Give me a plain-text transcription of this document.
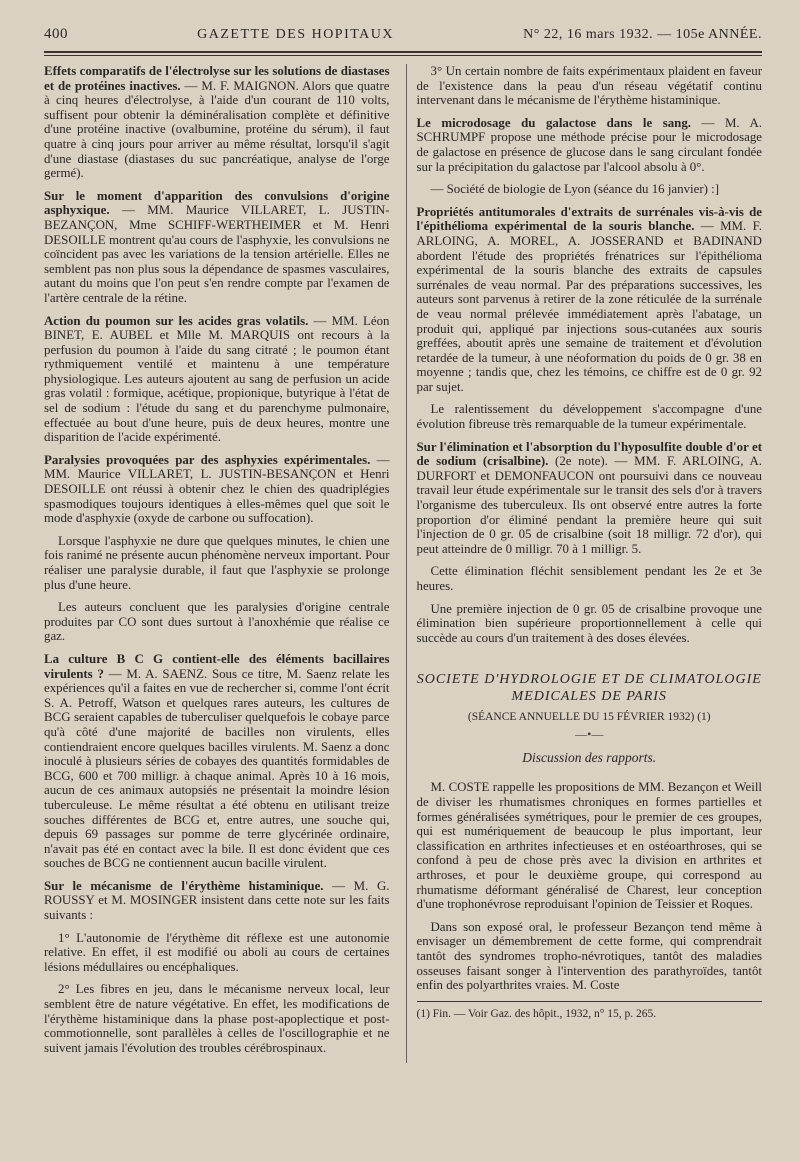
400	GAZETTE DES HOPITAUX	N° 22, 16 mars 1932. — 105e ANNÉE.

Effets comparatifs de l'électrolyse sur les solutions de diastases et de protéines inactives. — M. F. MAIGNON. Alors que quatre à cinq heures d'électrolyse, à l'aide d'un courant de 110 volts, suffisent pour obtenir la déminéralisation complète et définitive d'une protéine inactive (ovalbumine, protéine du sérum), il faut quatre à cinq jours pour arriver au même résultat, lorsqu'il s'agit d'une diastase (diastases du suc pancréatique, analyse de l'orge germé).

Sur le moment d'apparition des convulsions d'origine asphyxique. — MM. Maurice VILLARET, L. JUSTIN-BEZANÇON, Mme SCHIFF-WERTHEIMER et M. Henri DESOILLE montrent qu'au cours de l'asphyxie, les convulsions ne coïncident pas avec les variations de la tension artérielle. Elles ne semblent pas non plus sous la dépendance de spasmes vasculaires, autant du moins que l'on peut s'en rendre compte par l'examen de l'artère centrale de la rétine.

Action du poumon sur les acides gras volatils. — MM. Léon BINET, E. AUBEL et Mlle M. MARQUIS ont recours à la perfusion du poumon à l'aide du sang citraté ; le poumon étant rythmiquement ventilé et maintenu à une température physiologique. Les auteurs ajoutent au sang de perfusion un acide gras volatil : formique, acétique, propionique, butyrique à l'état de sel de sodium : l'étude du sang et du parenchyme pulmonaire, effectuée au bout d'une heure, puis de deux heures, montre une disparition de l'acide expérimenté.

Paralysies provoquées par des asphyxies expérimentales. — MM. Maurice VILLARET, L. JUSTIN-BESANÇON et Henri DESOILLE ont réussi à obtenir chez le chien des quadriplégies spasmodiques toujours identiques à elles-mêmes quel que soit le mode d'asphyxie (oxyde de carbone ou suffocation).

Lorsque l'asphyxie ne dure que quelques minutes, le chien une fois ranimé ne présente aucun phénomène nerveux important. Pour réaliser une paralysie durable, il faut que l'asphyxie se prolonge plus d'une heure.

Les auteurs concluent que les paralysies d'origine centrale produites par CO sont dues surtout à l'anoxhémie que réalise ce gaz.

La culture B C G contient-elle des éléments bacillaires virulents ? — M. A. SAENZ. Sous ce titre, M. Saenz relate les expériences qu'il a faites en vue de rechercher si, comme l'ont écrit S. A. Petroff, Watson et quelques rares auteurs, les cultures de BCG seraient capables de tuberculiser quelquefois le cobaye parce qu'à côté d'une majorité de bacilles non virulents, elles contiendraient encore quelques bacilles virulents. M. Saenz a donc inoculé à plusieurs séries de cobayes des quantités formidables de BCG, 600 et 700 milligr. à chaque animal. Après 10 à 16 mois, aucun de ces animaux autopsiés ne présentait la moindre lésion tuberculeuse. Le même résultat a été obtenu en utilisant treize souches différentes de BCG et, entre autres, une souche qui, depuis 69 passages sur pomme de terre glycérinée ordinaire, n'avait pas été en contact avec la bile. Il est donc évident que ces souches de BCG ne contiennent aucun bacille virulent.

Sur le mécanisme de l'érythème histaminique. — M. G. ROUSSY et M. MOSINGER insistent dans cette note sur les faits suivants :

1° L'autonomie de l'érythème dit réflexe est une autonomie relative. En effet, il est modifié ou aboli au cours de certaines lésions médullaires ou encéphaliques.

2° Les fibres en jeu, dans le mécanisme nerveux local, leur semblent être de nature végétative. En effet, les modifications de l'érythème histaminique dans la phase post-apoplectique et post-commotionnelle, sont parallèles à celles de l'oscillographie et ne suivent jamais l'évolution des troubles cérébrospinaux.

3° Un certain nombre de faits expérimentaux plaident en faveur de l'existence dans la peau d'un réseau végétatif continu intervenant dans le mécanisme de l'érythème histaminique.

Le microdosage du galactose dans le sang. — M. A. SCHRUMPF propose une méthode précise pour le microdosage de galactose en présence de glucose dans le sang circulant fondée sur la précipitation du galactose par l'alcool absolu à 0°.

— Société de biologie de Lyon (séance du 16 janvier) :]

Propriétés antitumorales d'extraits de surrénales vis-à-vis de l'épithélioma expérimental de la souris blanche. — MM. F. ARLOING, A. MOREL, A. JOSSERAND et BADINAND abordent l'étude des propriétés frénatrices sur l'épithélioma expérimental de la souris blanche des extraits de capsules surrénales de veau normal. Par des préparations successives, les auteurs sont parvenus à retirer de la zone réticulée de la surrénale de veau normal prélevée immédiatement après l'abatage, un produit qui, appliqué par injections sous-cutanées aux souris greffées, aboutit après une semaine de traitement et d'évolution retardée de la tumeur, à une néoformation du poids de 0 gr. 38 en moyenne ; tandis que, chez les témoins, ce chiffre est de 0 gr. 92 par sujet.

Le ralentissement du développement s'accompagne d'une évolution fibreuse très remarquable de la tumeur expérimentale.

Sur l'élimination et l'absorption du l'hyposulfite double d'or et de sodium (crisalbine). (2e note). — MM. F. ARLOING, A. DURFORT et DEMONFAUCON ont poursuivi dans ce nouveau travail leur étude expérimentale sur le transit des sels d'or à travers l'organisme des tuberculeux. Ils ont observé entre autres la forte proportion d'or éliminé pendant la première heure qui suit l'injection de 0 gr. 05 de crisalbine (soit 18 milligr. 72 d'or), qui peut atteindre de 0 milligr. 70 à 1 milligr. 5.

Cette élimination fléchit sensiblement pendant les 2e et 3e heures.

Une première injection de 0 gr. 05 de crisalbine provoque une élimination bien supérieure proportionnellement à celle qui succède au cours d'un traitement à des doses élevées.

SOCIETE D'HYDROLOGIE ET DE CLIMATOLOGIE
MEDICALES DE PARIS
(SÉANCE ANNUELLE DU 15 FÉVRIER 1932) (1)
—•—
Discussion des rapports.

M. COSTE rappelle les propositions de MM. Bezançon et Weill de diviser les rhumatismes chroniques en formes partielles et formes généralisées symétriques, pour le premier de ces groupes, qui est numériquement de beaucoup le plus important, leur classification en arthrites infectieuses et en ostéoarthroses, qui se confond à peu de chose près avec la division en arthrites et arthroses, et pour le deuxième groupe, qui correspond au rhumatisme déformant généralisé de Charest, leur conception d'une trophonévrose reproduisant l'opinion de Teissier et Roques.

Dans son exposé oral, le professeur Bezançon tend même à envisager un démembrement de cette forme, qui comprendrait tantôt des syndromes tropho-névrotiques, tantôt des maladies osseuses faisant songer à l'intervention des parathyroïdes, tantôt enfin des polyarthrites vraies. M. Coste

(1) Fin. — Voir Gaz. des hôpit., 1932, n° 15, p. 265.
